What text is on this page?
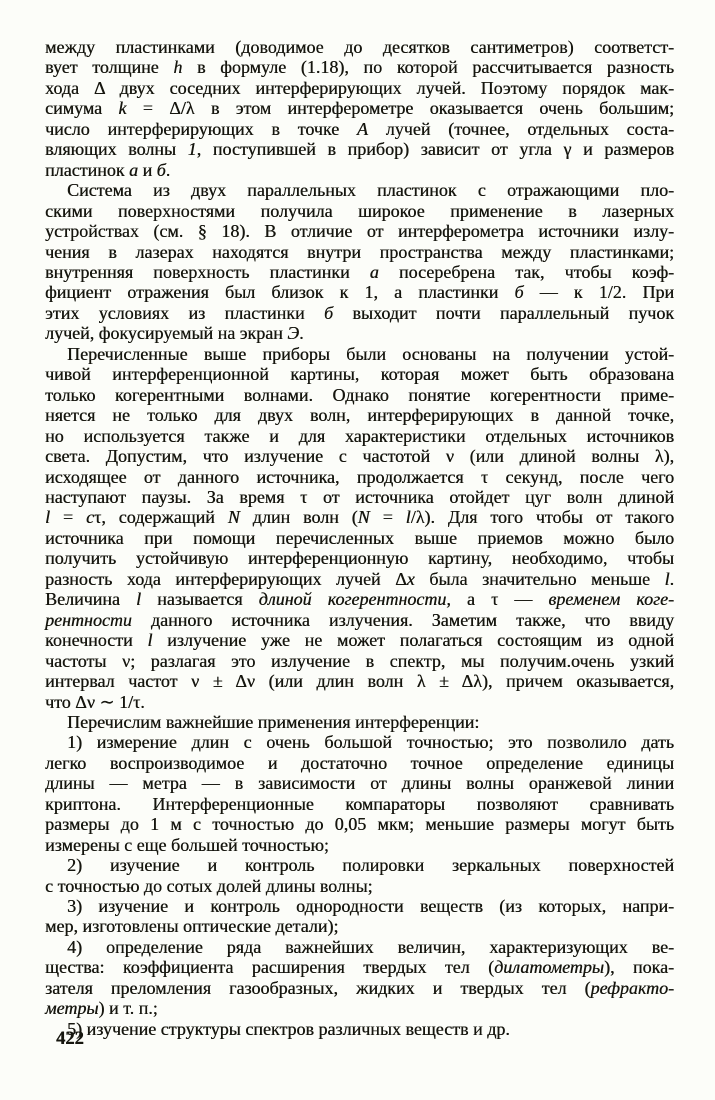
между пластинками (доводимое до десятков сантиметров) соответст-
вует толщине h в формуле (1.18), по которой рассчитывается разность
хода Δ двух соседних интерферирующих лучей. Поэтому порядок мак-
симума k = Δ/λ в этом интерферометре оказывается очень большим;
число интерферирующих в точке А лучей (точнее, отдельных соста-
вляющих волны 1, поступившей в прибор) зависит от угла γ и размеров
пластинок а и б.
Система из двух параллельных пластинок с отражающими пло-
скими поверхностями получила широкое применение в лазерных
устройствах (см. § 18). В отличие от интерферометра источники излу-
чения в лазерах находятся внутри пространства между пластинками;
внутренняя поверхность пластинки а посеребрена так, чтобы коэф-
фициент отражения был близок к 1, а пластинки б — к 1/2. При
этих условиях из пластинки б выходит почти параллельный пучок
лучей, фокусируемый на экран Э.
Перечисленные выше приборы были основаны на получении устой-
чивой интерференционной картины, которая может быть образована
только когерентными волнами. Однако понятие когерентности приме-
няется не только для двух волн, интерферирующих в данной точке,
но используется также и для характеристики отдельных источников
света. Допустим, что излучение с частотой ν (или длиной волны λ),
исходящее от данного источника, продолжается τ секунд, после чего
наступают паузы. За время τ от источника отойдет цуг волн длиной
l = cτ, содержащий N длин волн (N = l/λ). Для того чтобы от такого
источника при помощи перечисленных выше приемов можно было
получить устойчивую интерференционную картину, необходимо, чтобы
разность хода интерферирующих лучей Δx была значительно меньше l.
Величина l называется длиной когерентности, а τ — временем коге-
рентности данного источника излучения. Заметим также, что ввиду
конечности l излучение уже не может полагаться состоящим из одной
частоты ν; разлагая это излучение в спектр, мы получим.очень узкий
интервал частот ν ± Δν (или длин волн λ ± Δλ), причем оказывается,
что Δν ∼ 1/τ.
Перечислим важнейшие применения интерференции:
1) измерение длин с очень большой точностью; это позволило дать
легко воспроизводимое и достаточно точное определение единицы
длины — метра — в зависимости от длины волны оранжевой линии
криптона. Интерференционные компараторы позволяют сравнивать
размеры до 1 м с точностью до 0,05 мкм; меньшие размеры могут быть
измерены с еще большей точностью;
2) изучение и контроль полировки зеркальных поверхностей
с точностью до сотых долей длины волны;
3) изучение и контроль однородности веществ (из которых, напри-
мер, изготовлены оптические детали);
4) определение ряда важнейших величин, характеризующих ве-
щества: коэффициента расширения твердых тел (дилатометры), пока-
зателя преломления газообразных, жидких и твердых тел (рефракто-
метры) и т. п.;
5) изучение структуры спектров различных веществ и др.
422
